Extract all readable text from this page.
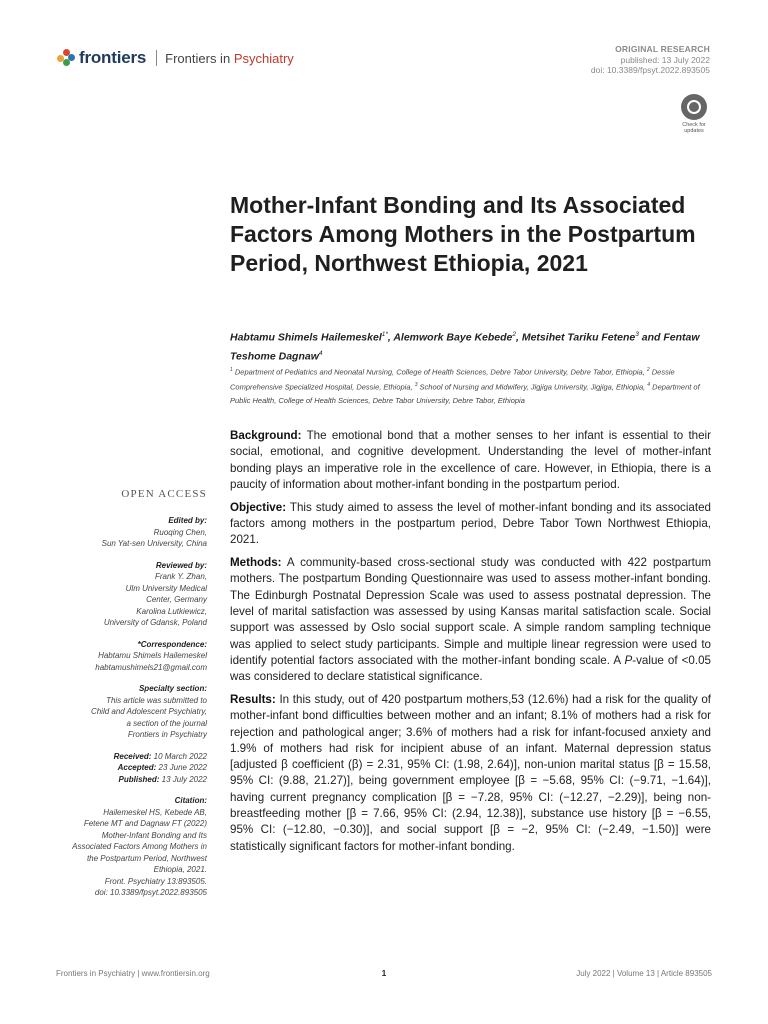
frontiers Frontiers in Psychiatry
ORIGINAL RESEARCH
published: 13 July 2022
doi: 10.3389/fpsyt.2022.893505
Check for
updates
Mother-Infant Bonding and Its Associated Factors Among Mothers in the Postpartum Period, Northwest Ethiopia, 2021
Habtamu Shimels Hailemeskel$^{1*}$, Alemwork Baye Kebede$^2$, Metsihet Tariku Fetene$^3$ and Fentaw Teshome Dagnaw$^4$
$^1$ Department of Pediatrics and Neonatal Nursing, College of Health Sciences, Debre Tabor University, Debre Tabor, Ethiopia, $^2$ Dessie Comprehensive Specialized Hospital, Dessie, Ethiopia, $^3$ School of Nursing and Midwifery, Jigjiga University, Jigjiga, Ethiopia, $^4$ Department of Public Health, College of Health Sciences, Debre Tabor University, Debre Tabor, Ethiopia

Background: The emotional bond that a mother senses to her infant is essential to their social, emotional, and cognitive development. Understanding the level of mother-infant bonding plays an imperative role in the excellence of care. However, in Ethiopia, there is a paucity of information about mother-infant bonding in the postpartum period.

Objective: This study aimed to assess the level of mother-infant bonding and its associated factors among mothers in the postpartum period, Debre Tabor Town Northwest Ethiopia, 2021.

Methods: A community-based cross-sectional study was conducted with 422 postpartum mothers. The postpartum Bonding Questionnaire was used to assess mother-infant bonding. The Edinburgh Postnatal Depression Scale was used to assess postnatal depression. The level of marital satisfaction was assessed by using Kansas marital satisfaction scale. Social support was assessed by Oslo social support scale. A simple random sampling technique was applied to select study participants. Simple and multiple linear regression were used to identify potential factors associated with the mother-infant bonding scale. A P-value of <0.05 was considered to declare statistical significance.

Results: In this study, out of 420 postpartum mothers,53 (12.6%) had a risk for the quality of mother-infant bond difficulties between mother and an infant; 8.1% of mothers had a risk for rejection and pathological anger; 3.6% of mothers had a risk for infant-focused anxiety and 1.9% of mothers had risk for incipient abuse of an infant. Maternal depression status [adjusted β coefficient (β) = 2.31, 95% CI: (1.98, 2.64)], non-union marital status [β = 15.58, 95% CI: (9.88, 21.27)], being government employee [β = −5.68, 95% CI: (−9.71, −1.64)], having current pregnancy complication [β = −7.28, 95% CI: (−12.27, −2.29)], being non-breastfeeding mother [β = 7.66, 95% CI: (2.94, 12.38)], substance use history [β = −6.55, 95% CI: (−12.80, −0.30)], and social support [β = −2, 95% CI: (−2.49, −1.50)] were statistically significant factors for mother-infant bonding.

OPEN ACCESS
Edited by:
Ruoqing Chen,
Sun Yat-sen University, China
Reviewed by:
Frank Y. Zhan,
Ulm University Medical
Center, Germany
Karolina Lutkiewicz,
University of Gdansk, Poland
*Correspondence:
Habtamu Shimels Hailemeskel
habtamushimels21@gmail.com
Specialty section:
This article was submitted to
Child and Adolescent Psychiatry,
a section of the journal
Frontiers in Psychiatry
Received: 10 March 2022
Accepted: 23 June 2022
Published: 13 July 2022
Citation:
Hailemeskel HS, Kebede AB,
Fetene MT and Dagnaw FT (2022)
Mother-Infant Bonding and Its
Associated Factors Among Mothers in
the Postpartum Period, Northwest
Ethiopia, 2021.
Front. Psychiatry 13:893505.
doi: 10.3389/fpsyt.2022.893505
Frontiers in Psychiatry | www.frontiersin.org	1	July 2022 | Volume 13 | Article 893505
